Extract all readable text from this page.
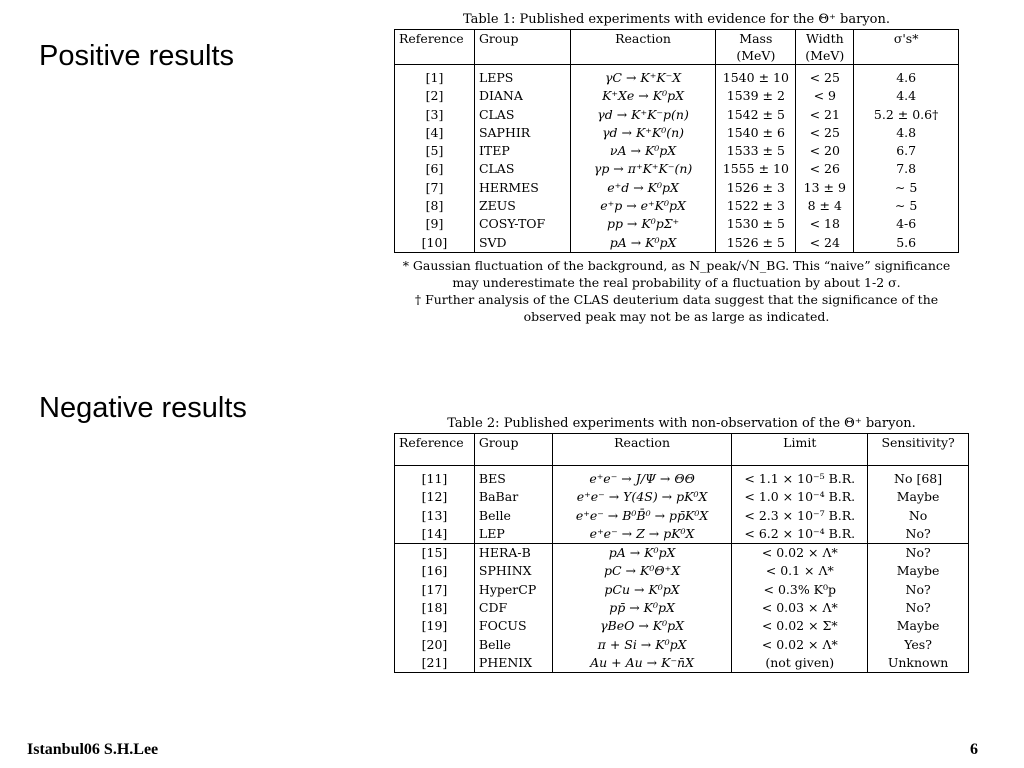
Positive results
Negative results
Table 1: Published experiments with evidence for the Θ⁺ baryon.
Reference	Group	Reaction	Mass	Width	σ's*
			(MeV)	(MeV)	
[1]	LEPS	γC → K⁺K⁻X	1540 ± 10	< 25	4.6
[2]	DIANA	K⁺Xe → K⁰pX	1539 ± 2	< 9	4.4
[3]	CLAS	γd → K⁺K⁻p(n)	1542 ± 5	< 21	5.2 ± 0.6†
[4]	SAPHIR	γd → K⁺K⁰(n)	1540 ± 6	< 25	4.8
[5]	ITEP	νA → K⁰pX	1533 ± 5	< 20	6.7
[6]	CLAS	γp → π⁺K⁺K⁻(n)	1555 ± 10	< 26	7.8
[7]	HERMES	e⁺d → K⁰pX	1526 ± 3	13 ± 9	∼ 5
[8]	ZEUS	e⁺p → e⁺K⁰pX	1522 ± 3	8 ± 4	∼ 5
[9]	COSY-TOF	pp → K⁰pΣ⁺	1530 ± 5	< 18	4-6
[10]	SVD	pA → K⁰pX	1526 ± 5	< 24	5.6
* Gaussian fluctuation of the background, as N_peak/√N_BG. This “naive” significance
may underestimate the real probability of a fluctuation by about 1-2 σ.
† Further analysis of the CLAS deuterium data suggest that the significance of the
observed peak may not be as large as indicated.
Table 2: Published experiments with non-observation of the Θ⁺ baryon.
Reference	Group	Reaction	Limit	Sensitivity?
[11]	BES	e⁺e⁻ → J/Ψ → ΘΘ	< 1.1 × 10⁻⁵ B.R.	No [68]
[12]	BaBar	e⁺e⁻ → Υ(4S) → pK⁰X	< 1.0 × 10⁻⁴ B.R.	Maybe
[13]	Belle	e⁺e⁻ → B⁰B̄⁰ → pp̄K⁰X	< 2.3 × 10⁻⁷ B.R.	No
[14]	LEP	e⁺e⁻ → Z → pK⁰X	< 6.2 × 10⁻⁴ B.R.	No?
[15]	HERA-B	pA → K⁰pX	< 0.02 × Λ*	No?
[16]	SPHINX	pC → K⁰Θ⁺X	< 0.1 × Λ*	Maybe
[17]	HyperCP	pCu → K⁰pX	< 0.3% K⁰p	No?
[18]	CDF	pp̄ → K⁰pX	< 0.03 × Λ*	No?
[19]	FOCUS	γBeO → K⁰pX	< 0.02 × Σ*	Maybe
[20]	Belle	π + Si → K⁰pX	< 0.02 × Λ*	Yes?
[21]	PHENIX	Au + Au → K⁻n̄X	(not given)	Unknown
Istanbul06 S.H.Lee	6
